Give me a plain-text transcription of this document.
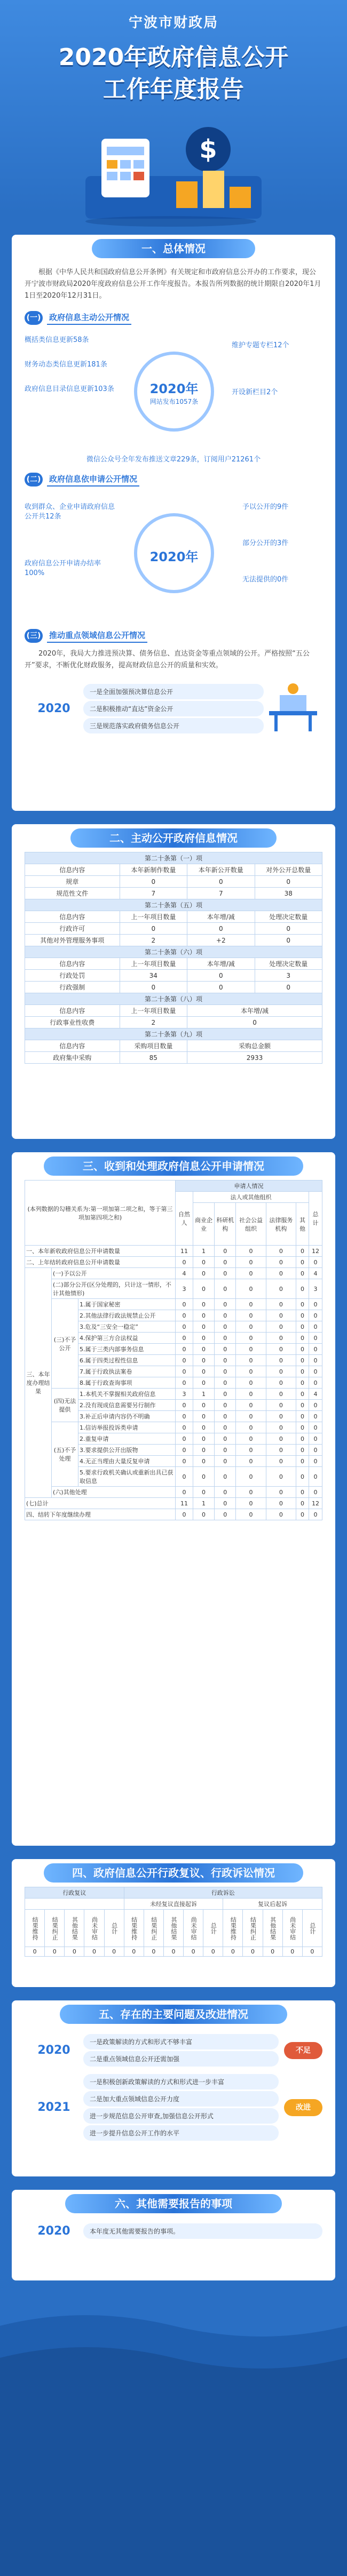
宁波市财政局
2020年政府信息公开
工作年度报告
$
一、总体情况

根据《中华人民共和国政府信息公开条例》有关规定和市政府信息公开办的工作要求，现公开宁波市财政局2020年度政府信息公开工作年度报告。本报告所列数据的统计期限自2020年1月1日至2020年12月31日。

(一) 政府信息主动公开情况
概括类信息更新58条
财务动态类信息更新181条
政府信息目录信息更新103条	2020年
网站发布1057条
维护专题专栏12个
开设新栏目2个
微信公众号全年发布推送文章229条，订阅用户21261个
(二) 政府信息依申请公开情况
收到群众、企业申请政府信息公开共12条
政府信息公开申请办结率100%
2020年
予以公开的9件
部分公开的3件
无法提供的0件
(三) 推动重点领域信息公开情况

2020年，我局大力推进预决算、债务信息、直达资金等重点领域的公开。严格按照“五公开”要求，不断优化财政服务，提高财政信息公开的质量和实效。

2020
一是全面加强预决算信息公开
二是积极推动“直达”资金公开
三是规范落实政府债务信息公开
二、主动公开政府信息情况
第二十条第（一）项			
信息内容	本年新制作数量	本年新公开数量	对外公开总数量
规章	0	0	0
规范性文件	7	7	38
第二十条第（五）项			
信息内容	上一年项目数量	本年增/减	处理决定数量
行政许可	0	0	0
其他对外管理服务事项	2	+2	0
第二十条第（六）项			
信息内容	上一年项目数量	本年增/减	处理决定数量
行政处罚	34	0	3
行政强制	0	0	0
第二十条第（八）项			
信息内容	上一年项目数量	本年增/减	
行政事业性收费	2	0	
第二十条第（九）项			
信息内容	采购项目数量	采购总金额	
政府集中采购	85	2933	
三、收到和处理政府信息公开申请情况
(本列数据的勾稽关系为:第一项加第二项之和，等于第三项加第四项之和)			申请人情况						
			自然人	法人或其他组织					总计
				商业企业	科研机构	社会公益组织	法律服务机构	其他	
一、本年新收政府信息公开申请数量			11	1	0	0	0	0	12
二、上年结转政府信息公开申请数量			0	0	0	0	0	0	0
三、本年度办理结果	(一)予以公开		4	0	0	0	0	0	4
	(二)部分公开(区分处理的，只计这一情形，不计其他情形)		3	0	0	0	0	0	3
	(三)不予公开	1.属于国家秘密	0	0	0	0	0	0	0
		2.其他法律行政法规禁止公开	0	0	0	0	0	0	0
		3.危及“三安全一稳定”	0	0	0	0	0	0	0
		4.保护第三方合法权益	0	0	0	0	0	0	0
		5.属于三类内部事务信息	0	0	0	0	0	0	0
		6.属于四类过程性信息	0	0	0	0	0	0	0
		7.属于行政执法案卷	0	0	0	0	0	0	0
		8.属于行政查询事项	0	0	0	0	0	0	0
	(四)无法提供	1.本机关不掌握相关政府信息	3	1	0	0	0	0	4
		2.没有现成信息需要另行制作	0	0	0	0	0	0	0
		3.补正后申请内容仍不明确	0	0	0	0	0	0	0
	(五)不予处理	1.信访举报投诉类申请	0	0	0	0	0	0	0
		2.重复申请	0	0	0	0	0	0	0
		3.要求提供公开出版物	0	0	0	0	0	0	0
		4.无正当理由大量反复申请	0	0	0	0	0	0	0
		5.要求行政机关确认或重新出具已获取信息	0	0	0	0	0	0	0
	(六)其他处理		0	0	0	0	0	0	0
(七)总计			11	1	0	0	0	0	12
四、结转下年度继续办理			0	0	0	0	0	0	0
四、政府信息公开行政复议、行政诉讼情况
行政复议					行政诉讼									
					未经复议直接起诉					复议后起诉				
结果维持	结果纠正	其他结果	尚未审结	总计	结果维持	结果纠正	其他结果	尚未审结	总计	结果维持	结果纠正	其他结果	尚未审结	总计
0	0	0	0	0	0	0	0	0	0	0	0	0	0	0
五、存在的主要问题及改进情况
2020
一是政策解读的方式和形式不够丰富
二是重点领域信息公开还需加强
不足
2021
一是积极创新政策解读的方式和形式进一步丰富
二是加大重点领域信息公开力度
进一步规范信息公开审查,加强信息公开形式
进一步提升信息公开工作的水平
改进
六、其他需要报告的事项
2020	本年度无其他需要报告的事项。
